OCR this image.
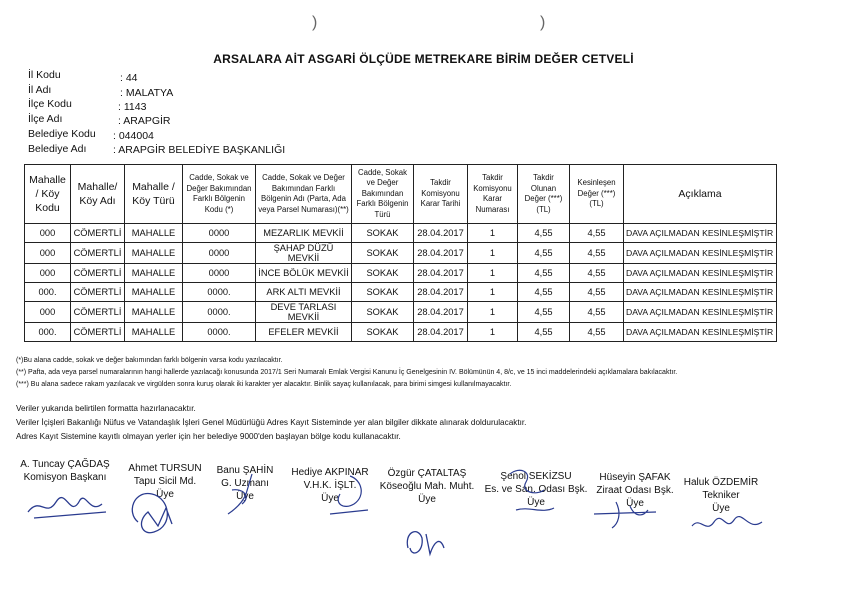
)	)
ARSALARA AİT ASGARİ ÖLÇÜDE METREKARE BİRİM DEĞER CETVELİ
İl Kodu	: 44
İl Adı	: MALATYA
İlçe Kodu	: 1143
İlçe Adı	: ARAPGİR
Belediye Kodu : 044004
Belediye Adı	: ARAPGİR BELEDİYE BAŞKANLIĞI
Mahalle / Köy Kodu	Mahalle/ Köy Adı	Mahalle / Köy Türü	Cadde, Sokak ve Değer Bakımından Farklı Bölgenin Kodu (*)	Cadde, Sokak ve Değer Bakımından Farklı Bölgenin Adı (Parta, Ada veya Parsel Numarası)(**)	Cadde, Sokak ve Değer Bakımından Farklı Bölgenin Türü	Takdir Komisyonu Karar Tarihi	Takdir Komisyonu Karar Numarası	Takdir Olunan Değer (***) (TL)	Kesinleşen Değer (***) (TL)	Açıklama
000	CÖMERTLİ	MAHALLE	0000	MEZARLIK MEVKİİ	SOKAK	28.04.2017	1	4,55	4,55	DAVA AÇILMADAN KESİNLEŞMİŞTİR
000	CÖMERTLİ	MAHALLE	0000	ŞAHAP DÜZÜ MEVKİİ	SOKAK	28.04.2017	1	4,55	4,55	DAVA AÇILMADAN KESİNLEŞMİŞTİR
000	CÖMERTLİ	MAHALLE	0000	İNCE BÖLÜK MEVKİİ	SOKAK	28.04.2017	1	4,55	4,55	DAVA AÇILMADAN KESİNLEŞMİŞTİR
000.	CÖMERTLİ	MAHALLE	0000.	ARK ALTI MEVKİİ	SOKAK	28.04.2017	1	4,55	4,55	DAVA AÇILMADAN KESİNLEŞMİŞTİR
000	CÖMERTLİ	MAHALLE	0000.	DEVE TARLASI MEVKİİ	SOKAK	28.04.2017	1	4,55	4,55	DAVA AÇILMADAN KESİNLEŞMİŞTİR
000.	CÖMERTLİ	MAHALLE	0000.	EFELER MEVKİİ	SOKAK	28.04.2017	1	4,55	4,55	DAVA AÇILMADAN KESİNLEŞMİŞTİR
(*)Bu alana cadde, sokak ve değer bakımından farklı bölgenin varsa kodu yazılacaktır.
(**) Pafta, ada veya parsel numaralarının hangi hallerde yazılacağı konusunda 2017/1 Seri Numaralı Emlak Vergisi Kanunu İç Genelgesinin IV. Bölümünün 4, 8/c, ve 15 inci maddelerindeki açıklamalara bakılacaktır.
(***) Bu alana sadece rakam yazılacak ve virgülden sonra kuruş olarak iki karakter yer alacaktır. Binlik sayaç kullanılacak, para birimi simgesi kullanılmayacaktır.
Veriler yukarıda belirtilen formatta hazırlanacaktır.
Veriler İçişleri Bakanlığı Nüfus ve Vatandaşlık İşleri Genel Müdürlüğü Adres Kayıt Sisteminde yer alan bilgiler dikkate alınarak doldurulacaktır.
Adres Kayıt Sistemine kayıtlı olmayan yerler için her belediye 9000'den başlayan bölge kodu kullanacaktır.
A. Tuncay ÇAĞDAŞ
Komisyon Başkanı
Ahmet TURSUN
Tapu Sicil Md.
Üye
Banu ŞAHİN
G. Uzmanı
Üye
Hediye AKPINAR
V.H.K. İŞLT.
Üye
Özgür ÇATALTAŞ
Köseoğlu Mah. Muht.
Üye
Şenol SEKİZSU
Es. ve San. Odası Bşk.
Üye
Hüseyin ŞAFAK
Ziraat Odası Bşk.
Üye
Haluk ÖZDEMİR
Tekniker
Üye
